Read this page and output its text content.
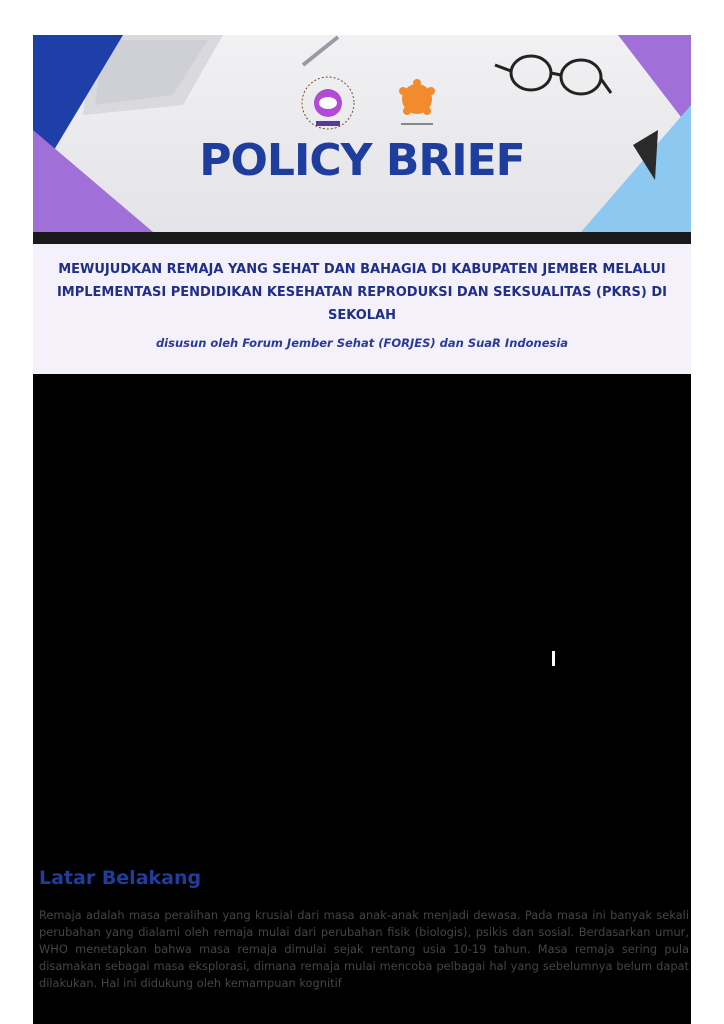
POLICY BRIEF
MEWUJUDKAN REMAJA YANG SEHAT DAN BAHAGIA DI KABUPATEN JEMBER MELALUI IMPLEMENTASI PENDIDIKAN KESEHATAN REPRODUKSI DAN SEKSUALITAS (PKRS) DI SEKOLAH
disusun oleh Forum Jember Sehat (FORJES) dan SuaR Indonesia
Latar Belakang

Remaja adalah masa peralihan yang krusial dari masa anak-anak menjadi dewasa. Pada masa ini banyak sekali perubahan yang dialami oleh remaja mulai dari perubahan fisik (biologis), psikis dan sosial. Berdasarkan umur, WHO menetapkan bahwa masa remaja dimulai sejak rentang usia 10-19 tahun. Masa remaja sering pula disamakan sebagai masa eksplorasi, dimana remaja mulai mencoba pelbagai hal yang sebelumnya belum dapat dilakukan. Hal ini didukung oleh kemampuan kognitif
